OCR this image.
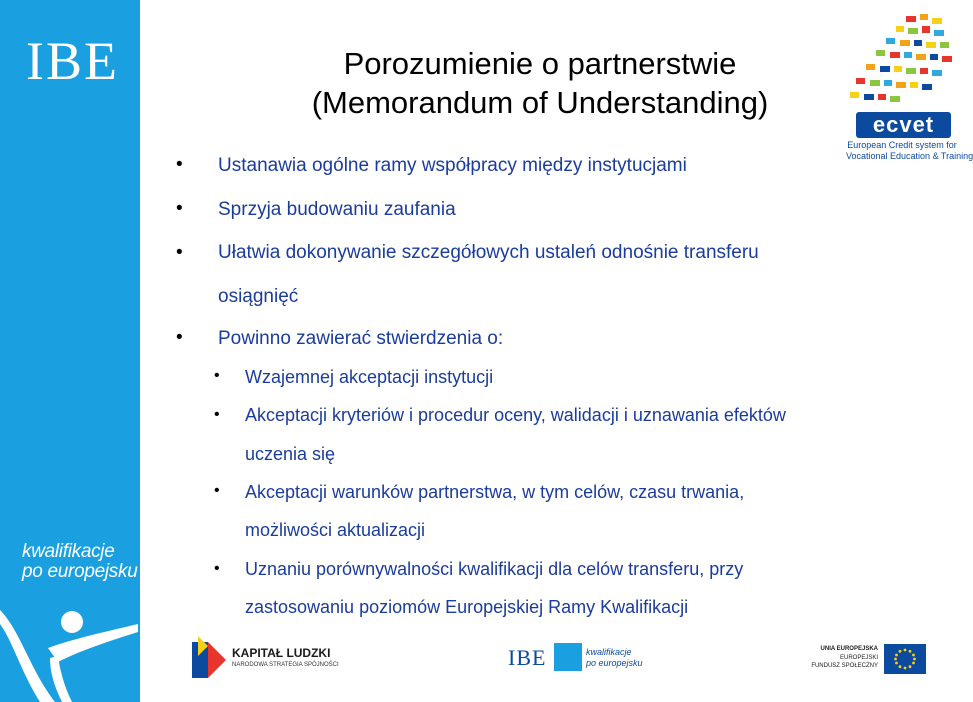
IBE
kwalifikacje
po europejsku
Porozumienie o partnerstwie
(Memorandum of Understanding)
ecvet
European Credit system for
Vocational Education & Training
•
•
•
•
•
•
•
•
Ustanawia ogólne ramy współpracy między instytucjami
Sprzyja budowaniu zaufania
Ułatwia dokonywanie szczegółowych ustaleń odnośnie transferu
osiągnięć
Powinno zawierać stwierdzenia o:
Wzajemnej akceptacji instytucji
Akceptacji kryteriów i procedur oceny, walidacji i uznawania efektów
uczenia się
Akceptacji warunków partnerstwa, w tym celów, czasu trwania,
możliwości aktualizacji
Uznaniu porównywalności kwalifikacji dla celów transferu, przy
zastosowaniu poziomów Europejskiej Ramy Kwalifikacji
KAPITAŁ LUDZKI
NARODOWA STRATEGIA SPÓJNOŚCI	IBE	kwalifikacje
po europejsku
UNIA EUROPEJSKA
EUROPEJSKI
FUNDUSZ SPOŁECZNY
